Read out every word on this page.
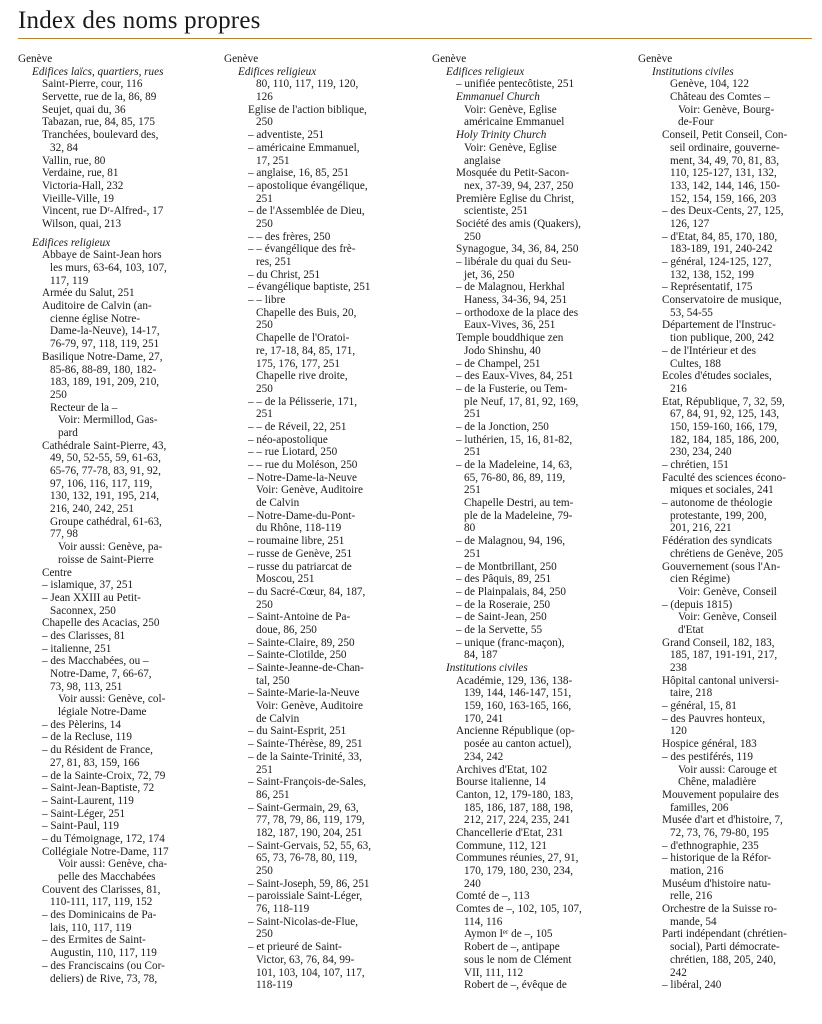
Index des noms propres
Genève
Edifices laïcs, quartiers, rues
Saint-Pierre, cour, 116
Servette, rue de la, 86, 89
Seujet, quai du, 36
Tabazan, rue, 84, 85, 175
Tranchées, boulevard des,
32, 84
Vallin, rue, 80
Verdaine, rue, 81
Victoria-Hall, 232
Vieille-Ville, 19
Vincent, rue Dʳ-Alfred-, 17
Wilson, quai, 213
Edifices religieux
Abbaye de Saint-Jean hors
les murs, 63-64, 103, 107,
117, 119
Armée du Salut, 251
Auditoire de Calvin (an-
cienne église Notre-
Dame-la-Neuve), 14-17,
76-79, 97, 118, 119, 251
Basilique Notre-Dame, 27,
85-86, 88-89, 180, 182-
183, 189, 191, 209, 210,
250
Recteur de la –
Voir: Mermillod, Gas-
pard
Cathédrale Saint-Pierre, 43,
49, 50, 52-55, 59, 61-63,
65-76, 77-78, 83, 91, 92,
97, 106, 116, 117, 119,
130, 132, 191, 195, 214,
216, 240, 242, 251
Groupe cathédral, 61-63,
77, 98
Voir aussi: Genève, pa-
roisse de Saint-Pierre
Centre
– islamique, 37, 251
– Jean XXIII au Petit-
Saconnex, 250
Chapelle des Acacias, 250
– des Clarisses, 81
– italienne, 251
– des Macchabées, ou –
Notre-Dame, 7, 66-67,
73, 98, 113, 251
Voir aussi: Genève, col-
légiale Notre-Dame
– des Pèlerins, 14
– de la Recluse, 119
– du Résident de France,
27, 81, 83, 159, 166
– de la Sainte-Croix, 72, 79
– Saint-Jean-Baptiste, 72
– Saint-Laurent, 119
– Saint-Léger, 251
– Saint-Paul, 119
– du Témoignage, 172, 174
Collégiale Notre-Dame, 117
Voir aussi: Genève, cha-
pelle des Macchabées
Couvent des Clarisses, 81,
110-111, 117, 119, 152
– des Dominicains de Pa-
lais, 110, 117, 119
– des Ermites de Saint-
Augustin, 110, 117, 119
– des Franciscains (ou Cor-
deliers) de Rive, 73, 78,
Genève
Edifices religieux
80, 110, 117, 119, 120,
126
Eglise de l'action biblique,
250
– adventiste, 251
– américaine Emmanuel,
17, 251
– anglaise, 16, 85, 251
– apostolique évangélique,
251
– de l'Assemblée de Dieu,
250
– – des frères, 250
– – évangélique des frè-
res, 251
– du Christ, 251
– évangélique baptiste, 251
– – libre
Chapelle des Buis, 20,
250
Chapelle de l'Oratoi-
re, 17-18, 84, 85, 171,
175, 176, 177, 251
Chapelle rive droite,
250
– – de la Pélisserie, 171,
251
– – de Réveil, 22, 251
– néo-apostolique
– – rue Liotard, 250
– – rue du Moléson, 250
– Notre-Dame-la-Neuve
Voir: Genève, Auditoire
de Calvin
– Notre-Dame-du-Pont-
du Rhône, 118-119
– roumaine libre, 251
– russe de Genève, 251
– russe du patriarcat de
Moscou, 251
– du Sacré-Cœur, 84, 187,
250
– Saint-Antoine de Pa-
doue, 86, 250
– Sainte-Claire, 89, 250
– Sainte-Clotilde, 250
– Sainte-Jeanne-de-Chan-
tal, 250
– Sainte-Marie-la-Neuve
Voir: Genève, Auditoire
de Calvin
– du Saint-Esprit, 251
– Sainte-Thérèse, 89, 251
– de la Sainte-Trinité, 33,
251
– Saint-François-de-Sales,
86, 251
– Saint-Germain, 29, 63,
77, 78, 79, 86, 119, 179,
182, 187, 190, 204, 251
– Saint-Gervais, 52, 55, 63,
65, 73, 76-78, 80, 119,
250
– Saint-Joseph, 59, 86, 251
– paroissiale Saint-Léger,
76, 118-119
– Saint-Nicolas-de-Flue,
250
– et prieuré de Saint-
Victor, 63, 76, 84, 99-
101, 103, 104, 107, 117,
118-119
Genève
Edifices religieux
– unifiée pentecôtiste, 251
Emmanuel Church
Voir: Genève, Eglise
américaine Emmanuel
Holy Trinity Church
Voir: Genève, Eglise
anglaise
Mosquée du Petit-Sacon-
nex, 37-39, 94, 237, 250
Première Eglise du Christ,
scientiste, 251
Société des amis (Quakers),
250
Synagogue, 34, 36, 84, 250
– libérale du quai du Seu-
jet, 36, 250
– de Malagnou, Herkhal
Haness, 34-36, 94, 251
– orthodoxe de la place des
Eaux-Vives, 36, 251
Temple bouddhique zen
Jodo Shinshu, 40
– de Champel, 251
– des Eaux-Vives, 84, 251
– de la Fusterie, ou Tem-
ple Neuf, 17, 81, 92, 169,
251
– de la Jonction, 250
– luthérien, 15, 16, 81-82,
251
– de la Madeleine, 14, 63,
65, 76-80, 86, 89, 119,
251
Chapelle Destri, au tem-
ple de la Madeleine, 79-
80
– de Malagnou, 94, 196,
251
– de Montbrillant, 250
– des Pâquis, 89, 251
– de Plainpalais, 84, 250
– de la Roseraie, 250
– de Saint-Jean, 250
– de la Servette, 55
– unique (franc-maçon),
84, 187
Institutions civiles
Académie, 129, 136, 138-
139, 144, 146-147, 151,
159, 160, 163-165, 166,
170, 241
Ancienne République (op-
posée au canton actuel),
234, 242
Archives d'Etat, 102
Bourse italienne, 14
Canton, 12, 179-180, 183,
185, 186, 187, 188, 198,
212, 217, 224, 235, 241
Chancellerie d'Etat, 231
Commune, 112, 121
Communes réunies, 27, 91,
170, 179, 180, 230, 234,
240
Comté de –, 113
Comtes de –, 102, 105, 107,
114, 116
Aymon Iᵉʳ de –, 105
Robert de –, antipape
sous le nom de Clément
VII, 111, 112
Robert de –, évêque de
Genève
Institutions civiles
Genève, 104, 122
Château des Comtes –
Voir: Genève, Bourg-
de-Four
Conseil, Petit Conseil, Con-
seil ordinaire, gouverne-
ment, 34, 49, 70, 81, 83,
110, 125-127, 131, 132,
133, 142, 144, 146, 150-
152, 154, 159, 166, 203
– des Deux-Cents, 27, 125,
126, 127
– d'Etat, 84, 85, 170, 180,
183-189, 191, 240-242
– général, 124-125, 127,
132, 138, 152, 199
– Représentatif, 175
Conservatoire de musique,
53, 54-55
Département de l'Instruc-
tion publique, 200, 242
– de l'Intérieur et des
Cultes, 188
Ecoles d'études sociales,
216
Etat, République, 7, 32, 59,
67, 84, 91, 92, 125, 143,
150, 159-160, 166, 179,
182, 184, 185, 186, 200,
230, 234, 240
– chrétien, 151
Faculté des sciences écono-
miques et sociales, 241
– autonome de théologie
protestante, 199, 200,
201, 216, 221
Fédération des syndicats
chrétiens de Genève, 205
Gouvernement (sous l'An-
cien Régime)
Voir: Genève, Conseil
– (depuis 1815)
Voir: Genève, Conseil
d'Etat
Grand Conseil, 182, 183,
185, 187, 191-191, 217,
238
Hôpital cantonal universi-
taire, 218
– général, 15, 81
– des Pauvres honteux,
120
Hospice général, 183
– des pestiférés, 119
Voir aussi: Carouge et
Chêne, maladière
Mouvement populaire des
familles, 206
Musée d'art et d'histoire, 7,
72, 73, 76, 79-80, 195
– d'ethnographie, 235
– historique de la Réfor-
mation, 216
Muséum d'histoire natu-
relle, 216
Orchestre de la Suisse ro-
mande, 54
Parti indépendant (chrétien-
social), Parti démocrate-
chrétien, 188, 205, 240,
242
– libéral, 240
